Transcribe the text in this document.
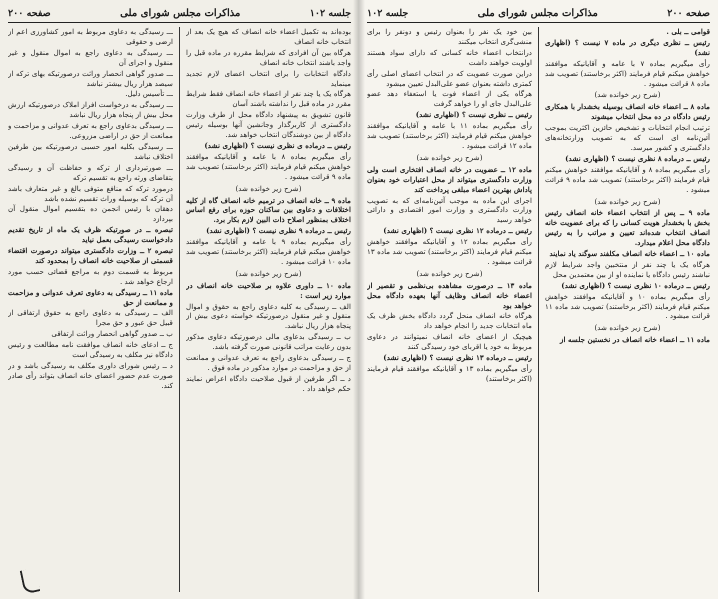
جلسه ۱۰۲
مذاکرات مجلس شورای ملی
صفحه ۲۰۰

بوده‌اند به تکمیل اعضاء خانه انصاف که هیچ یک بعد از انتخاب خانه انصاف

هرگاه بین آن افرادی که شرایط مقرره در ماده قبل را واجد باشند انتخاب خانه انصاف

دادگاه انتخابات را برای انتخاب اعضای لازم تجدید مینماید

هرگاه یک یا چند نفر از اعضاء خانه انصاف فقط شرایط مقرر در ماده قبل را نداشته باشند آسان

قانون تشویق به پیشنهاد دادگاه محل از طرف وزارت دادگستری از کاربرگذار وجانشین آنها بوسیله رئیس دادگاه از بین دوشندگان انتخاب خواهد شد.

رئیس ــ درماده ی نظری نیست ؟ (اظهاری نشد)

رأی میگیریم بماده ۸ با عامه و آقایانیکه موافقند خواهش میکنم قیام فرمایند (اکثر برخاستند) تصویب شد ماده ۹ قرائت میشود .

(شرح زیر خوانده شد)

ماده ۹ ــ خانه انصاف در ترمیم خانه انصاف گاه از کلیه اختلافات و دعاوی بین ساکنان حوزه برای رفع اساس اختلاف بمنظور اصلاح ذات البین لازم بکار برد.

رئیس ــ درماده ۹ نظری نیست ؟ (اظهاری نشد)

رأی میگیریم بماده ۹ با عامه و آقایانیکه موافقند خواهش میکنم قیام فرمایند (اکثر برخاستند) تصویب شد ماده ۱۰ قرائت میشود .

(شرح زیر خوانده شد)

ماده ۱۰ ــ داوری علاوه بر صلاحیت خانه انصاف در موارد زیر است :

الف ــ رسیدگی به کلیه دعاوی راجع به حقوق و اموال منقول و غیر منقول درصورتیکه خواسته دعوی بیش از پنجاه هزار ریال نباشد.

ب ــ رسیدگی بدعاوی مالی درصورتیکه دعاوی مذکور بدون رعایت مراتب قانونی صورت گرفته باشد.

ج ــ رسیدگی بدعاوی راجع به تعرف عدوانی و ممانعت از حق و مزاحمت در موارد مذکور در ماده فوق .

د ــ اگر طرفین از قبول صلاحیت دادگاه اعراض نمایند حکم خواهد داد .

ـــ رسیدگی به دعاوی مربوط به امور کشاورزی اعم از ارضی و حقوقی

ـــ رسیدگی به دعاوی راجع به اموال منقول و غیر منقول و اجرای آن

ـــ صدور گواهی انحصار وراثت درصورتیکه بهای ترکه از سیصد هزار ریال بیشتر نباشد

ـــ تأسیس دلیل.

ـــ رسیدگی به درخواست افراز املاک درصورتیکه ارزش محل بیش از پنجاه هزار ریال نباشد

ـــ رسیدگی بدعاوی راجع به تعرف عدوانی و مزاحمت و ممانعت از حق در اراضی مزروعی.

ـــ رسیدگی بکلیه امور حسبی درصورتیکه بین طرفین اختلاف نباشد

ـــ صورتبرداری از ترکه و حفاظت آن و رسیدگی بتقاضای ورثه راجع به تقسیم ترکه

درمورد ترکه که منافع متوفی بالغ و غیر متعارف باشد آن ترکه که بوسیله وراث تقسیم نشده باشد

دهقان با رئیس انجمن ده بتقسیم اموال منقول آن بپردازد

تبصره ــ در صورتیکه ظرف یک ماه از تاریخ تقدیم دادخواست رسیدگی بعمل نیاید

تبصره ۲ ــ وزارت دادگستری میتواند درصورت اقتضاء قسمتی از صلاحیت خانه انصاف را بمحدود کند

مربوط به قسمت دوم به مراجع قضائی حسب مورد ارجاع خواهد شد .

ماده ۱۱ ــ رسیدگی به دعاوی تعرف عدوانی و مزاحمت و ممانعت از حق

الف ــ رسیدگی به دعاوی راجع به حقوق ارتفاقی از قبیل حق عبور و حق مجرا

ب ــ صدور گواهی انحصار وراثت ارتفاقی

ج ــ ادعای خانه انصاف موافقت نامه مطالعت و رئیس دادگاه نیز مکلف به رسیدگی است

د ــ رئیس شورای داوری مکلف به رسیدگی باشد و در صورت عدم حضور اعضای خانه انصاف بتواند رأی صادر کند.

صفحه ۲۰۰
مذاکرات مجلس شورای ملی
جلسه ۱۰۲

قوامی ــ بلی .

رئیس ــ نظری دیگری در ماده ۷ نیست ؟ (اظهاری نشد)

رأی میگیریم بماده ۷ با عامه و آقایانیکه موافقند خواهش میکنم قیام فرمایند (اکثر برخاستند) تصویب شد ماده ۸ قرائت میشود .

(شرح زیر خوانده شد)

ماده ۸ ــ اعضاء خانه انصاف بوسیله بخشدار با همکاری رئیس دادگاه در ده محل انتخاب میشوند

ترتیب انجام انتخابات و تشخیص حائزین اکثریت بموجب آئین‌نامه ای است که به تصویب وزارتخانه‌های دادگستری و کشور میرسد.

رئیس ــ درماده ۸ نظری نیست ؟ (اظهاری نشد)

رأی میگیریم بماده ۸ و آقایانیکه موافقند خواهش میکنم قیام فرمایند (اکثر برخاستند) تصویب شد ماده ۹ قرائت میشود .

(شرح زیر خوانده شد)

ماده ۹ ــ پس از انتخاب اعضاء خانه انصاف رئیس بخش با بخشدار هویت کسانی را که برای عضویت خانه انصاف انتخاب شده‌اند تعیین و مراتب را به رئیس دادگاه محل اعلام میدارد.

ماده ۱۰ ــ اعضاء خانه انصاف مکلفند سوگند یاد نمایند

هرگاه یک یا چند نفر از منتخبین واجد شرایط لازم نباشند رئیس دادگاه یا نماینده او از بین معتمدین محل

رئیس ــ درماده ۱۰ نظری نیست ؟ (اظهاری نشد)

رأی میگیریم بماده ۱۰ و آقایانیکه موافقند خواهش میکنم قیام فرمایند (اکثر برخاستند) تصویب شد ماده ۱۱ قرائت میشود .

(شرح زیر خوانده شد)

ماده ۱۱ ــ اعضاء خانه انصاف در نخستین جلسه از

بین خود یک نفر را بعنوان رئیس و دونفر را برای منشی‌گری انتخاب میکنند

درانتخاب اعضاء خانه کسانی که دارای سواد هستند اولویت خواهند داشت

دراین صورت عضویت که در انتخاب اعضای اصلی رأی کمتری داشته بعنوان عضو علی‌البدل تعیین میشود

هرگاه یکی از اعضاء فوت یا استعفاء دهد عضو علی‌البدل جای او را خواهد گرفت

رئیس ــ نظری نیست ؟ (اظهاری نشد)

رأی میگیریم بماده ۱۱ با عامه و آقایانیکه موافقند خواهش میکنم قیام فرمایند (اکثر برخاستند) تصویب شد ماده ۱۲ قرائت میشود .

(شرح زیر خوانده شد)

ماده ۱۲ ــ عضویت در خانه انصاف افتخاری است ولی وزارت دادگستری میتواند از محل اعتبارات خود بعنوان پاداش بهترین اعضاء مبلغی پرداخت کند

اجرای این ماده به موجب آئین‌نامه‌ای که به تصویب وزارت دادگستری و وزارت امور اقتصادی و دارائی خواهد رسید

رئیس ــ درماده ۱۲ نظری نیست ؟ (اظهاری نشد)

رأی میگیریم بماده ۱۲ و آقایانیکه موافقند خواهش میکنم قیام فرمایند (اکثر برخاستند) تصویب شد ماده ۱۳ قرائت میشود .

(شرح زیر خوانده شد)

ماده ۱۳ ــ درصورت مشاهده بی‌نظمی و تقصیر از اعضاء خانه انصاف وظایف آنها بعهده دادگاه محل خواهد بود

هرگاه خانه انصاف منحل گردد دادگاه بخش ظرف یک ماه انتخابات جدید را انجام خواهد داد

هیچیک از اعضای خانه انصاف نمیتوانند در دعاوی مربوط به خود یا اقربای خود رسیدگی کنند

رئیس ــ درماده ۱۳ نظری نیست ؟ (اظهاری نشد)

رأی میگیریم بماده ۱۳ و آقایانیکه موافقند قیام فرمایند (اکثر برخاستند)
